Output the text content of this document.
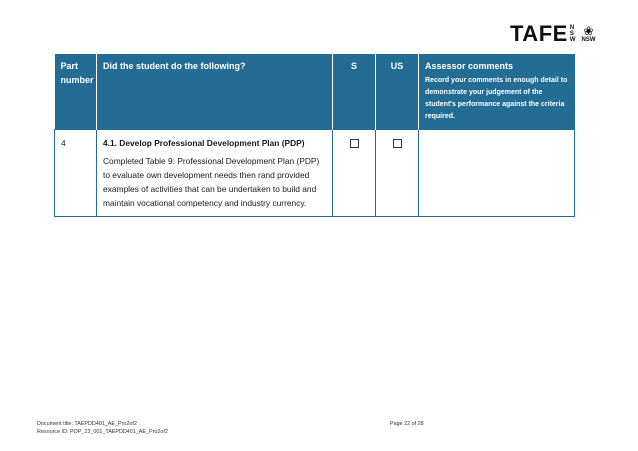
TAFE N
S
W
❀
NSW
Part number	Did the student do the following?	S	US	Assessor comments
Record your comments in enough detail to demonstrate your judgement of the student's performance against the criteria required.

4	4.1. Develop Professional Development Plan (PDP)
Completed Table 9: Professional Development Plan (PDP) to evaluate own development needs then rand provided examples of activities that can be undertaken to build and maintain vocational competency and industry currency.			
Document title: TAEPDD401_AE_Pro2of2
Resource ID: POP_23_001_TAEPDD401_AE_Pro2of2
Page 22 of 28
